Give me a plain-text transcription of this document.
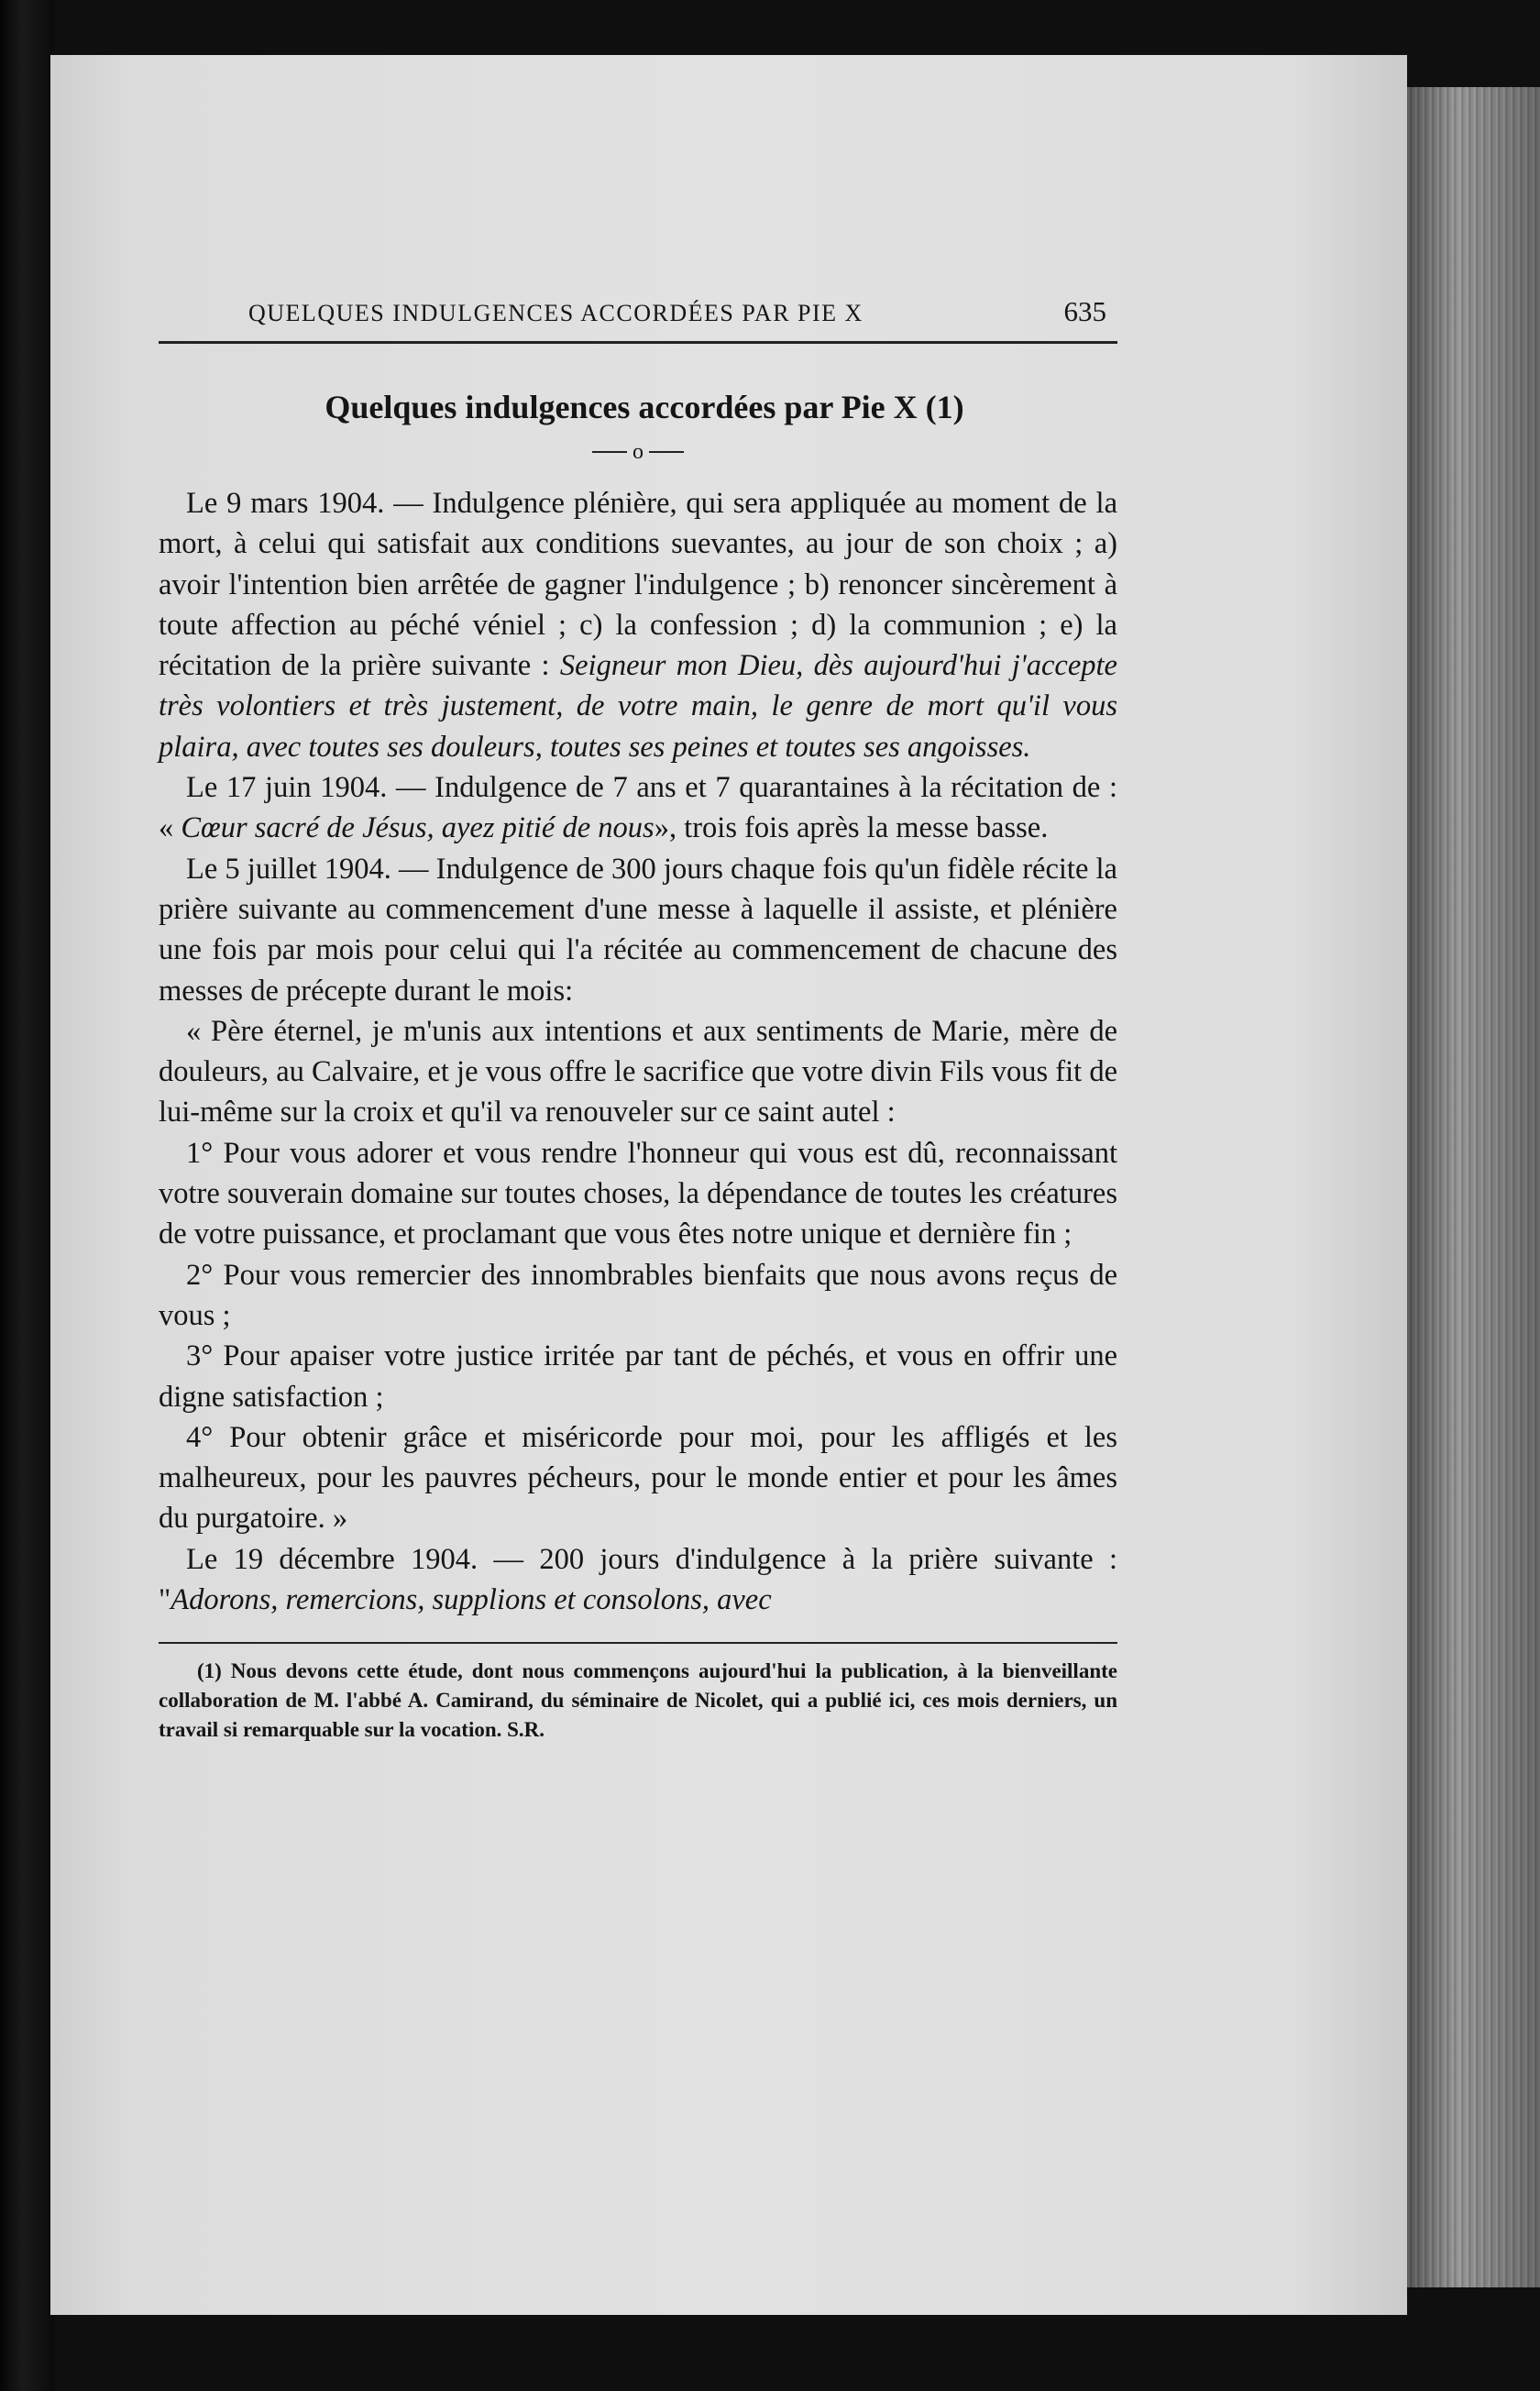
QUELQUES INDULGENCES ACCORDÉES PAR PIE X	635
Quelques indulgences accordées par Pie X (1)
o

Le 9 mars 1904. — Indulgence plénière, qui sera appliquée au moment de la mort, à celui qui satisfait aux conditions suevantes, au jour de son choix ; a) avoir l'intention bien arrêtée de gagner l'indulgence ; b) renoncer sincèrement à toute affection au péché véniel ; c) la confession ; d) la communion ; e) la récitation de la prière suivante : Seigneur mon Dieu, dès aujourd'hui j'accepte très volontiers et très justement, de votre main, le genre de mort qu'il vous plaira, avec toutes ses douleurs, toutes ses peines et toutes ses angoisses.

Le 17 juin 1904. — Indulgence de 7 ans et 7 quarantaines à la récitation de : « Cœur sacré de Jésus, ayez pitié de nous», trois fois après la messe basse.

Le 5 juillet 1904. — Indulgence de 300 jours chaque fois qu'un fidèle récite la prière suivante au commencement d'une messe à laquelle il assiste, et plénière une fois par mois pour celui qui l'a récitée au commencement de chacune des messes de précepte durant le mois:

« Père éternel, je m'unis aux intentions et aux sentiments de Marie, mère de douleurs, au Calvaire, et je vous offre le sacrifice que votre divin Fils vous fit de lui-même sur la croix et qu'il va renouveler sur ce saint autel :

1° Pour vous adorer et vous rendre l'honneur qui vous est dû, reconnaissant votre souverain domaine sur toutes choses, la dépendance de toutes les créatures de votre puissance, et proclamant que vous êtes notre unique et dernière fin ;

2° Pour vous remercier des innombrables bienfaits que nous avons reçus de vous ;

3° Pour apaiser votre justice irritée par tant de péchés, et vous en offrir une digne satisfaction ;

4° Pour obtenir grâce et miséricorde pour moi, pour les affligés et les malheureux, pour les pauvres pécheurs, pour le monde entier et pour les âmes du purgatoire. »

Le 19 décembre 1904. — 200 jours d'indulgence à la prière suivante : "Adorons, remercions, supplions et consolons, avec

(1) Nous devons cette étude, dont nous commençons aujourd'hui la publication, à la bienveillante collaboration de M. l'abbé A. Camirand, du séminaire de Nicolet, qui a publié ici, ces mois derniers, un travail si remarquable sur la vocation. S.R.
